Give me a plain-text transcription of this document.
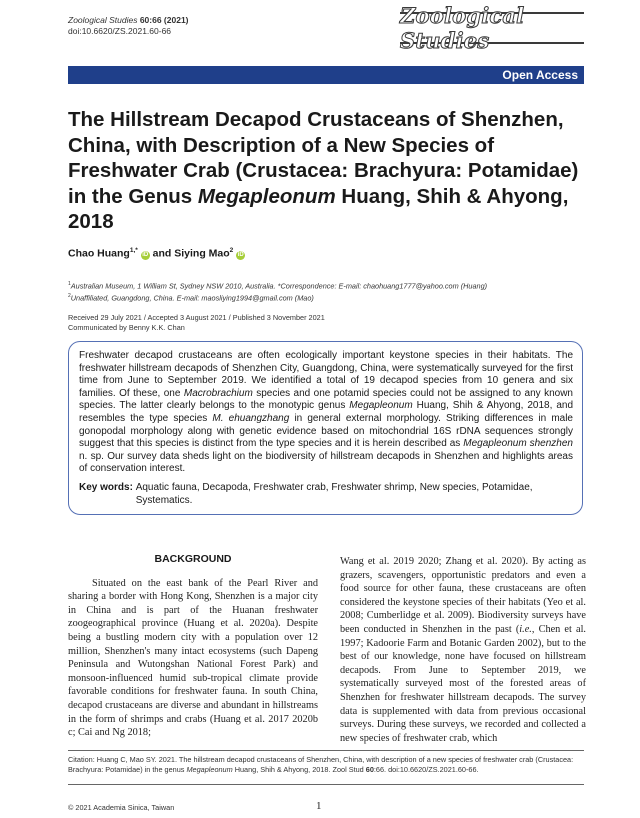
Zoological Studies 60:66 (2021)
doi:10.6620/ZS.2021.60-66
Zoological Studies
Open Access
The Hillstream Decapod Crustaceans of Shenzhen, China, with Description of a New Species of Freshwater Crab (Crustacea: Brachyura: Potamidae) in the Genus Megapleonum Huang, Shih & Ahyong, 2018
Chao Huang$^{1,*}$ iD and Siying Mao$^2$ iD
$^1$Australian Museum, 1 William St, Sydney NSW 2010, Australia. *Correspondence: E-mail: chaohuang1777@yahoo.com (Huang)
$^2$Unaffiliated, Guangdong, China. E-mail: maosliying1994@gmail.com (Mao)
Received 29 July 2021 / Accepted 3 August 2021 / Published 3 November 2021
Communicated by Benny K.K. Chan
Freshwater decapod crustaceans are often ecologically important keystone species in their habitats. The freshwater hillstream decapods of Shenzhen City, Guangdong, China, were systematically surveyed for the first time from June to September 2019. We identified a total of 19 decapod species from 10 genera and six families. Of these, one Macrobrachium species and one potamid species could not be assigned to any known species. The latter clearly belongs to the monotypic genus Megapleonum Huang, Shih & Ahyong, 2018, and resembles the type species M. ehuangzhang in general external morphology. Striking differences in male gonopodal morphology along with genetic evidence based on mitochondrial 16S rDNA sequences strongly suggest that this species is distinct from the type species and it is herein described as Megapleonum shenzhen n. sp. Our survey data sheds light on the biodiversity of hillstream decapods in Shenzhen and highlights areas of conservation interest.
Key words: Aquatic fauna, Decapoda, Freshwater crab, Freshwater shrimp, New species, Potamidae, Systematics.
BACKGROUND
Situated on the east bank of the Pearl River and sharing a border with Hong Kong, Shenzhen is a major city in China and is part of the Huanan freshwater zoogeographical province (Huang et al. 2020a). Despite being a bustling modern city with a population over 12 million, Shenzhen's many intact ecosystems (such Dapeng Peninsula and Wutongshan National Forest Park) and monsoon-influenced humid sub-tropical climate provide favorable conditions for freshwater fauna. In south China, decapod crustaceans are diverse and abundant in hillstreams in the form of shrimps and crabs (Huang et al. 2017 2020b c; Cai and Ng 2018;
Wang et al. 2019 2020; Zhang et al. 2020). By acting as grazers, scavengers, opportunistic predators and even a food source for other fauna, these crustaceans are often considered the keystone species of their habitats (Yeo et al. 2008; Cumberlidge et al. 2009). Biodiversity surveys have been conducted in Shenzhen in the past (i.e., Chen et al. 1997; Kadoorie Farm and Botanic Garden 2002), but to the best of our knowledge, none have focused on hillstream decapods. From June to September 2019, we systematically surveyed most of the forested areas of Shenzhen for freshwater hillstream decapods. The survey data is supplemented with data from previous occasional surveys. During these surveys, we recorded and collected a new species of freshwater crab, which
Citation: Huang C, Mao SY. 2021. The hillstream decapod crustaceans of Shenzhen, China, with description of a new species of freshwater crab (Crustacea: Brachyura: Potamidae) in the genus Megapleonum Huang, Shih & Ahyong, 2018. Zool Stud 60:66. doi:10.6620/ZS.2021.60-66.
© 2021 Academia Sinica, Taiwan	1
